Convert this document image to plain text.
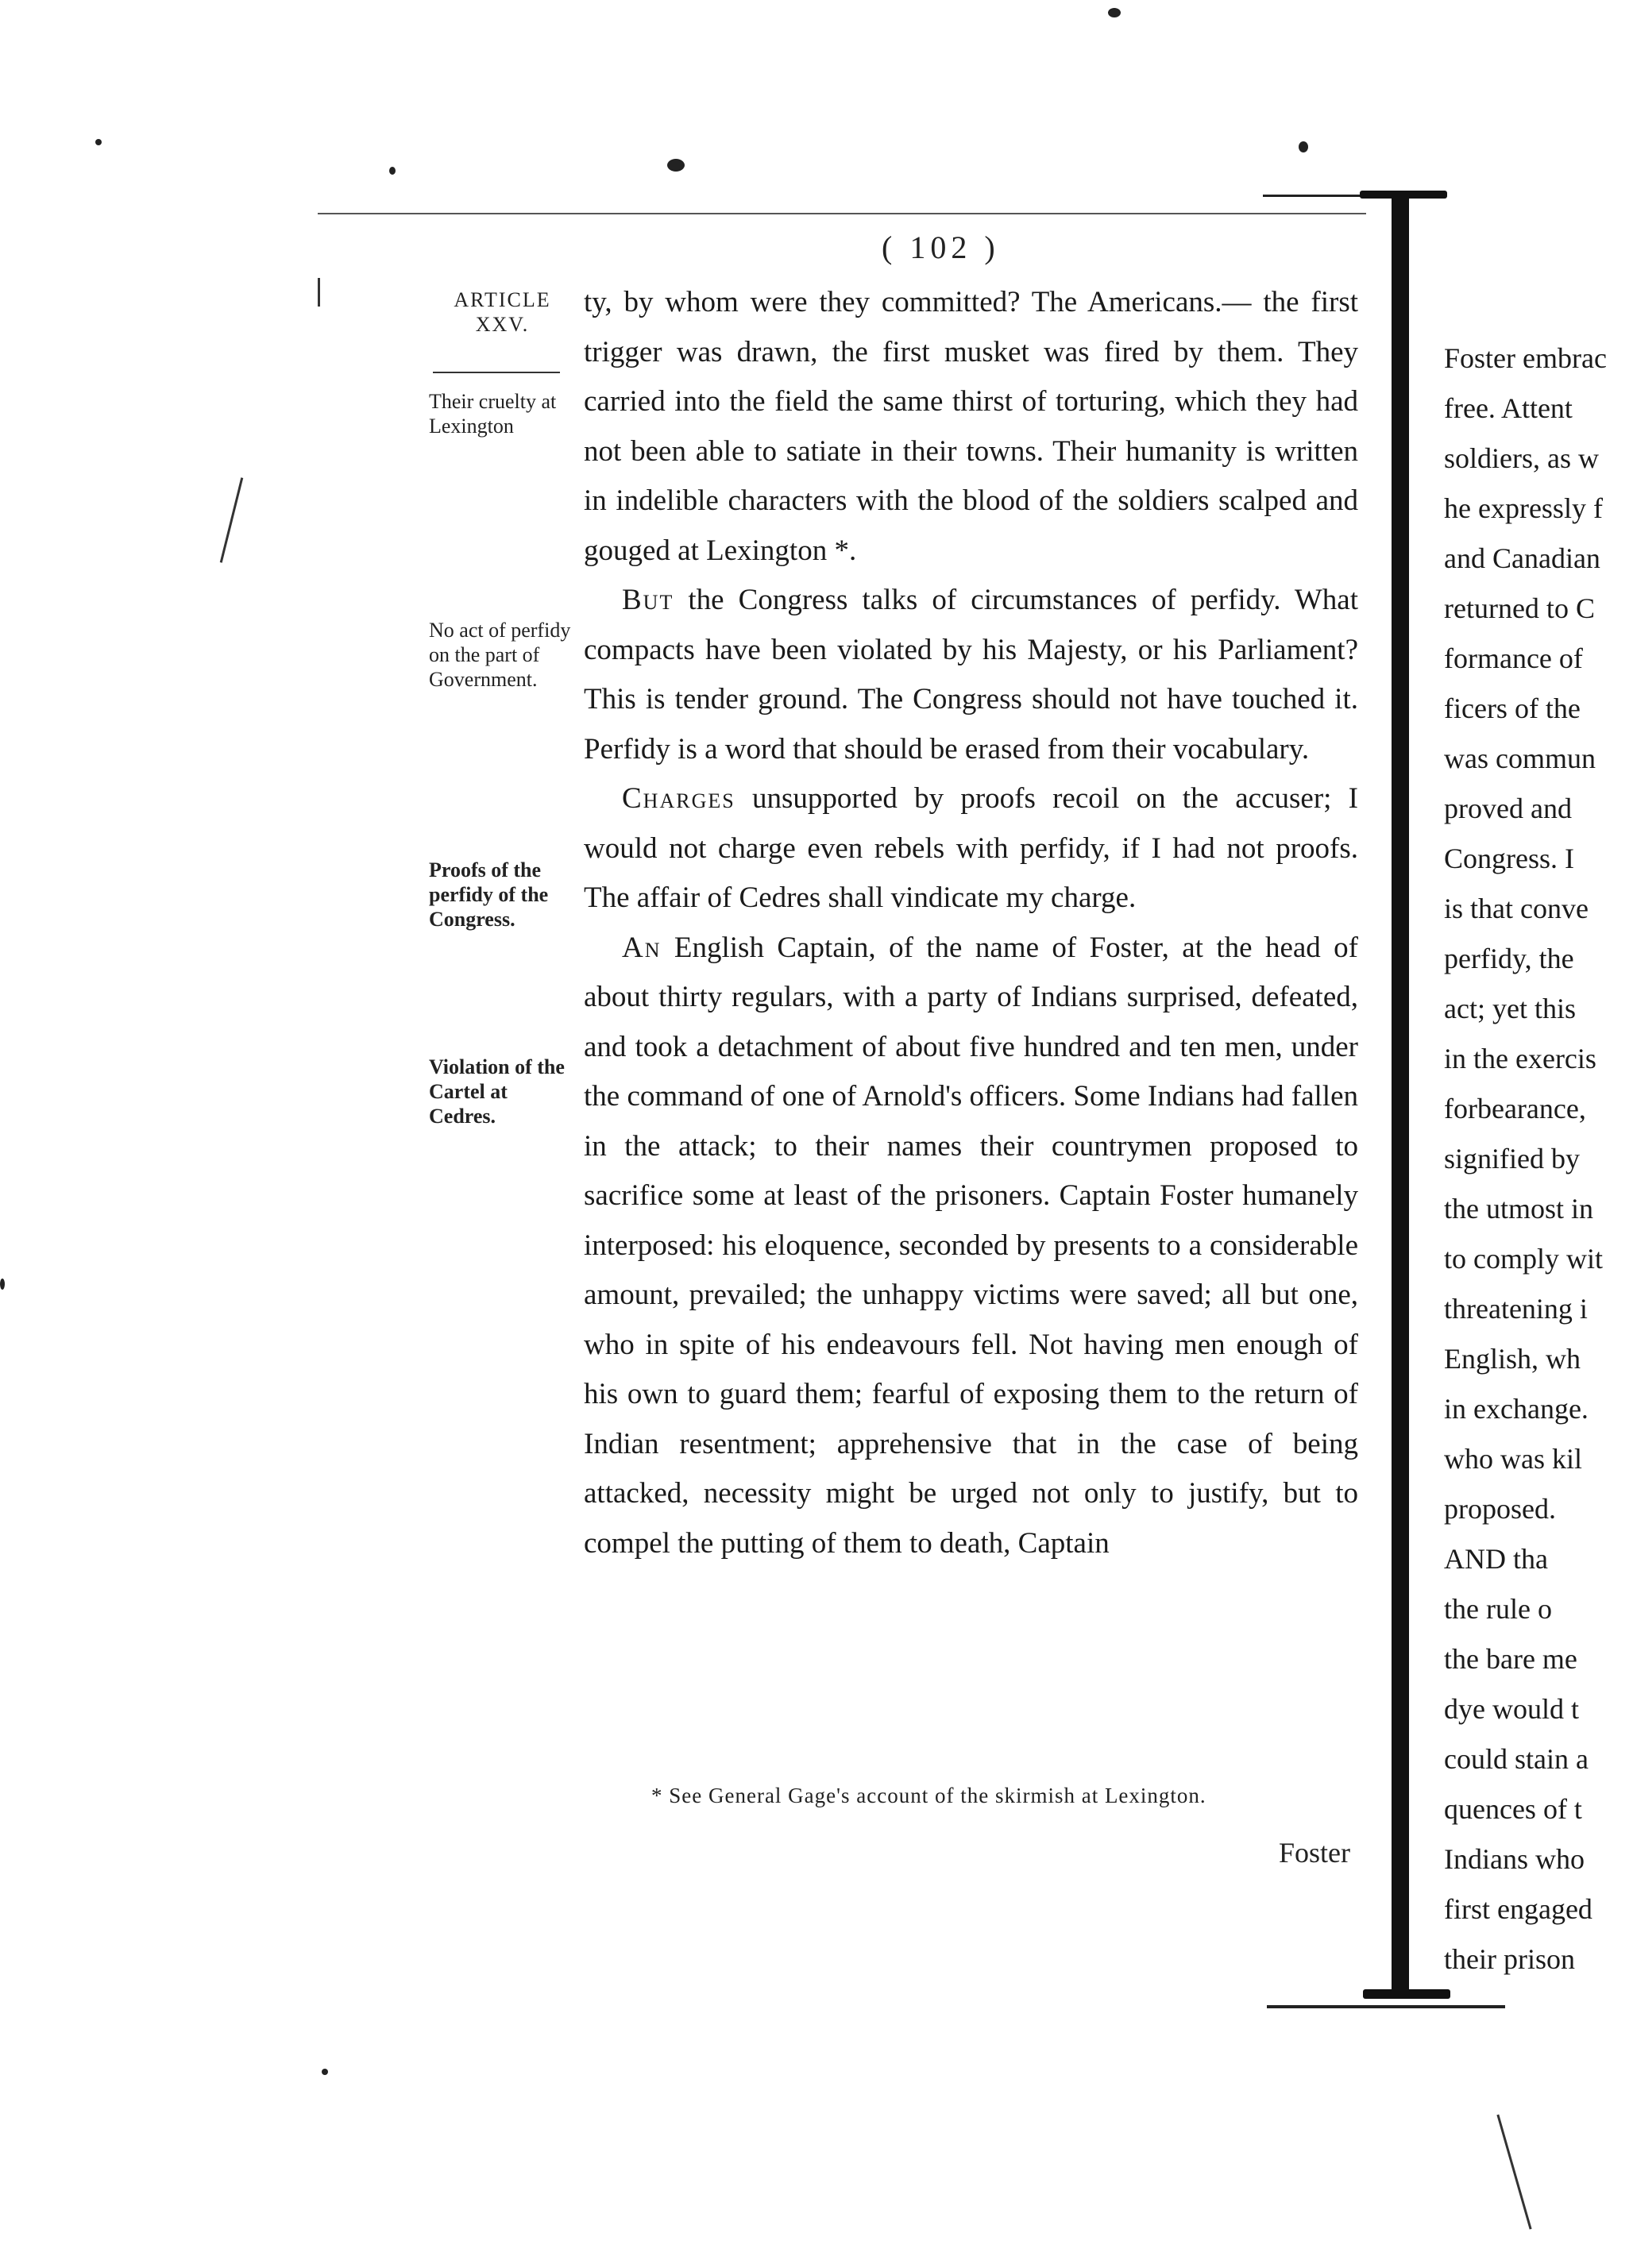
( 102 )
ARTICLE XXV.
Their cruelty at Lexington
No act of perfidy on the part of Government.
Proofs of the perfidy of the Congress.
Violation of the Cartel at Cedres.

ty, by whom were they committed? The Americans.— the first trigger was drawn, the first musket was fired by them. They carried into the field the same thirst of torturing, which they had not been able to satiate in their towns. Their humanity is written in indelible characters with the blood of the soldiers scalped and gouged at Lexington *.

But the Congress talks of circumstances of perfidy. What compacts have been violated by his Majesty, or his Parliament? This is tender ground. The Congress should not have touched it. Perfidy is a word that should be erased from their vocabulary.

Charges unsupported by proofs recoil on the accuser; I would not charge even rebels with perfidy, if I had not proofs. The affair of Cedres shall vindicate my charge.

An English Captain, of the name of Foster, at the head of about thirty regulars, with a party of Indians surprised, defeated, and took a detachment of about five hundred and ten men, under the command of one of Arnold's officers. Some Indians had fallen in the attack; to their names their countrymen proposed to sacrifice some at least of the prisoners. Captain Foster humanely interposed: his eloquence, seconded by presents to a considerable amount, prevailed; the unhappy victims were saved; all but one, who in spite of his endeavours fell. Not having men enough of his own to guard them; fearful of exposing them to the return of Indian resentment; apprehensive that in the case of being attacked, necessity might be urged not only to justify, but to compel the putting of them to death, Captain

* See General Gage's account of the skirmish at Lexington.
Foster
Foster embrac
free. Attent
soldiers, as w
he expressly f
and Canadian
returned to C
formance of
ficers of the
was commun
proved and
Congress. I
is that conve
perfidy, the
act; yet this
in the exercis
forbearance,
signified by
the utmost in
to comply wit
threatening i
English, wh
in exchange.
who was kil
proposed.
AND tha
the rule o
the bare me
dye would t
could stain a
quences of t
Indians who
first engaged
their prison
